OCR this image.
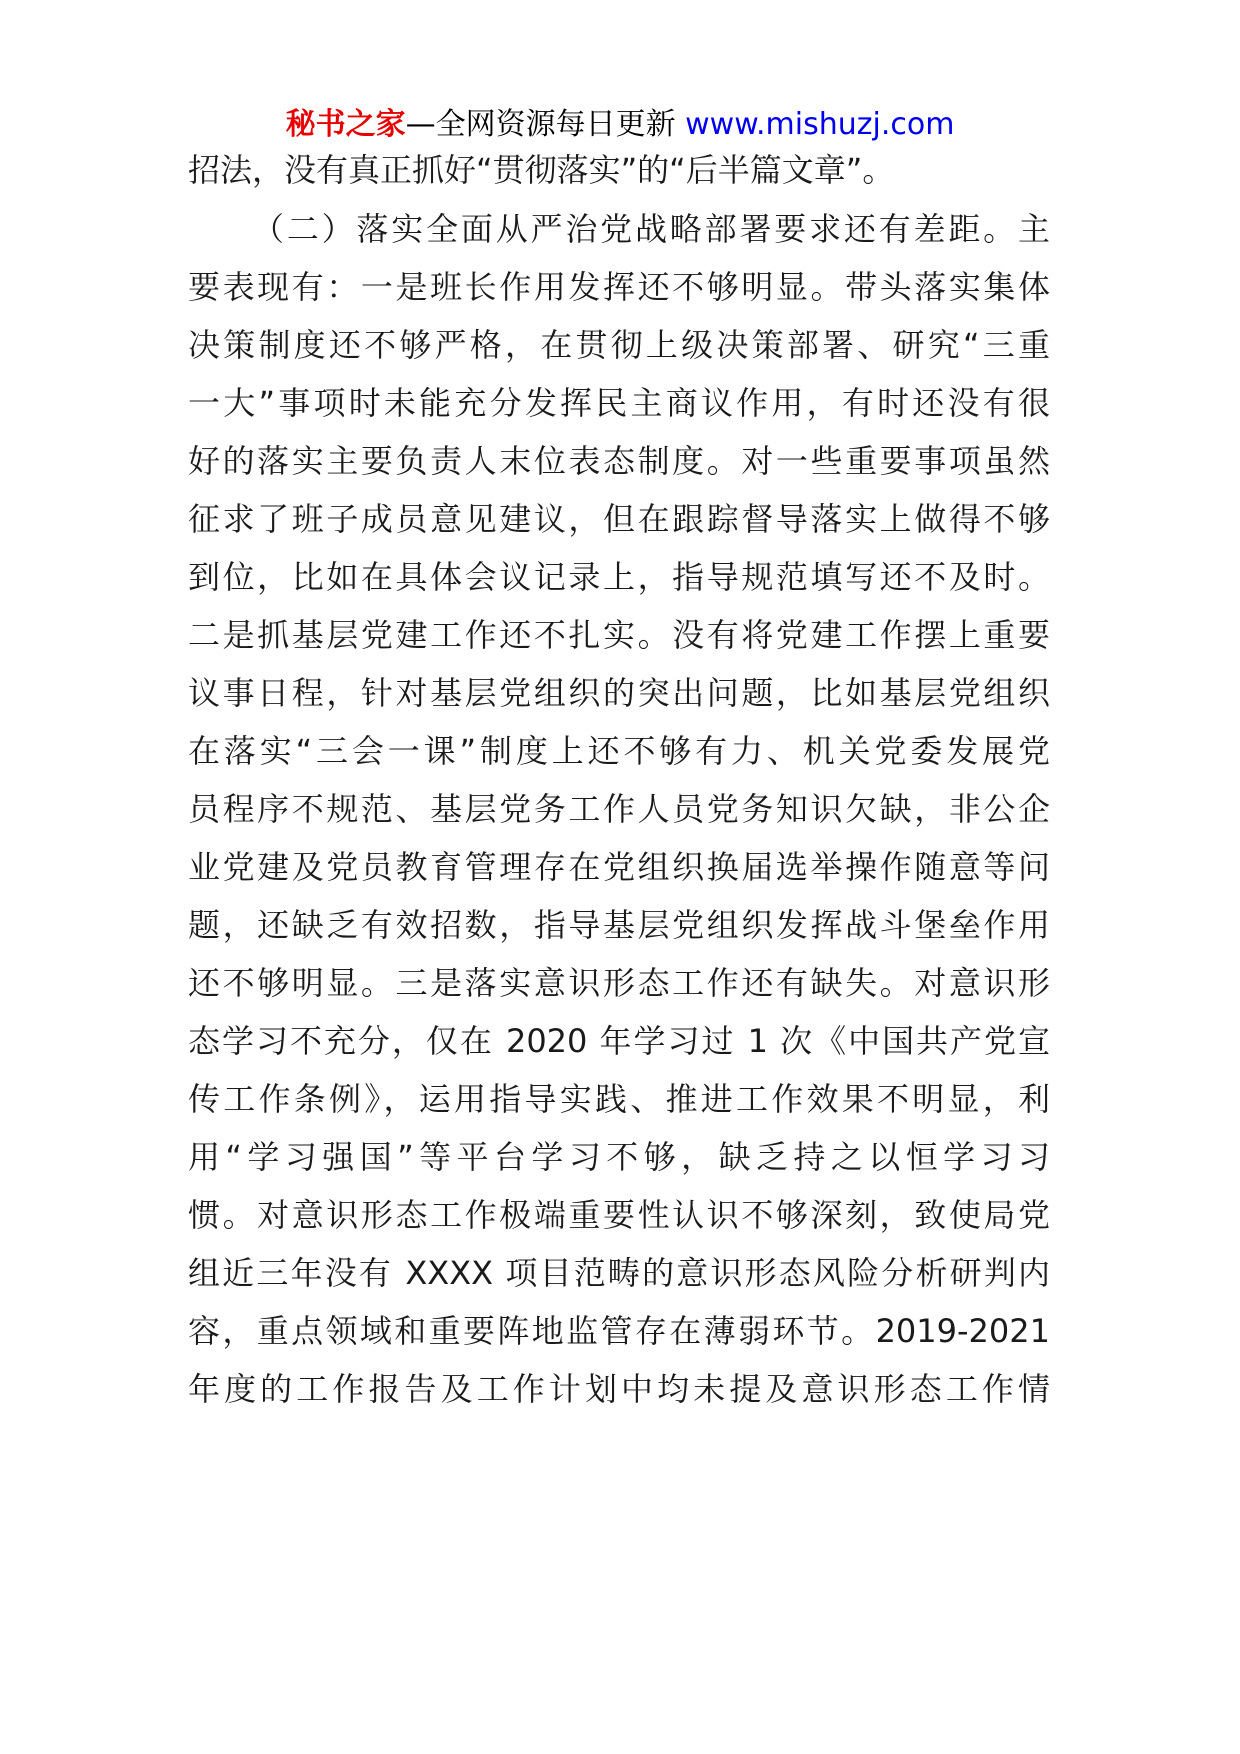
秘书之家—全网资源每日更新 www.mishuzj.com
招法，没有真正抓好“贯彻落实”的“后半篇文章”。
（二）落实全面从严治党战略部署要求还有差距。主
要表现有：一是班长作用发挥还不够明显。带头落实集体
决策制度还不够严格，在贯彻上级决策部署、研究“三重
一大”事项时未能充分发挥民主商议作用，有时还没有很
好的落实主要负责人末位表态制度。对一些重要事项虽然
征求了班子成员意见建议，但在跟踪督导落实上做得不够
到位，比如在具体会议记录上，指导规范填写还不及时。
二是抓基层党建工作还不扎实。没有将党建工作摆上重要
议事日程，针对基层党组织的突出问题，比如基层党组织
在落实“三会一课”制度上还不够有力、机关党委发展党
员程序不规范、基层党务工作人员党务知识欠缺，非公企
业党建及党员教育管理存在党组织换届选举操作随意等问
题，还缺乏有效招数，指导基层党组织发挥战斗堡垒作用
还不够明显。三是落实意识形态工作还有缺失。对意识形
态学习不充分，仅在 2020 年学习过 1 次《中国共产党宣
传工作条例》，运用指导实践、推进工作效果不明显，利
用“学习强国”等平台学习不够，缺乏持之以恒学习习
惯。对意识形态工作极端重要性认识不够深刻，致使局党
组近三年没有 XXXX 项目范畴的意识形态风险分析研判内
容，重点领域和重要阵地监管存在薄弱环节。2019-2021
年度的工作报告及工作计划中均未提及意识形态工作情
